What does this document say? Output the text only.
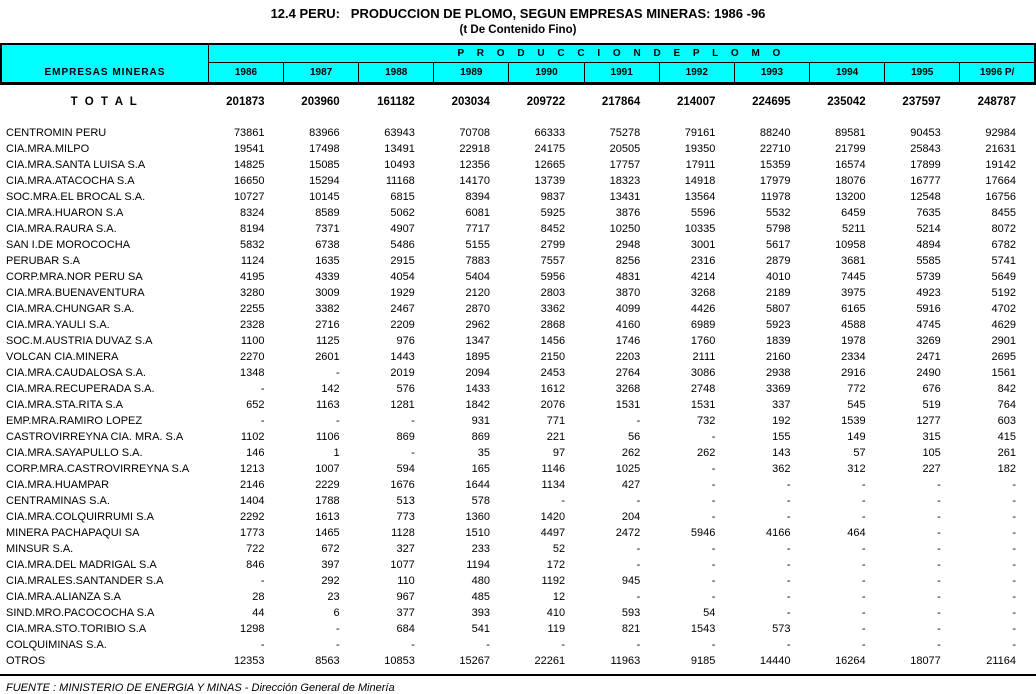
12.4 PERU:   PRODUCCION DE PLOMO, SEGUN EMPRESAS MINERAS: 1986 -96
(t De Contenido Fino)
EMPRESAS MINERAS	P R O D U C C I O N D E P L O M O										
	1986	1987	1988	1989	1990	1991	1992	1993	1994	1995	1996 P/
T O T A L	201873	203960	161182	203034	209722	217864	214007	224695	235042	237597	248787
CENTROMIN PERU	73861	83966	63943	70708	66333	75278	79161	88240	89581	90453	92984
CIA.MRA.MILPO	19541	17498	13491	22918	24175	20505	19350	22710	21799	25843	21631
CIA.MRA.SANTA LUISA S.A	14825	15085	10493	12356	12665	17757	17911	15359	16574	17899	19142
CIA.MRA.ATACOCHA S.A	16650	15294	11168	14170	13739	18323	14918	17979	18076	16777	17664
SOC.MRA.EL BROCAL S.A.	10727	10145	6815	8394	9837	13431	13564	11978	13200	12548	16756
CIA.MRA.HUARON S.A	8324	8589	5062	6081	5925	3876	5596	5532	6459	7635	8455
CIA.MRA.RAURA S.A.	8194	7371	4907	7717	8452	10250	10335	5798	5211	5214	8072
SAN I.DE MOROCOCHA	5832	6738	5486	5155	2799	2948	3001	5617	10958	4894	6782
PERUBAR S.A	1124	1635	2915	7883	7557	8256	2316	2879	3681	5585	5741
CORP.MRA.NOR PERU SA	4195	4339	4054	5404	5956	4831	4214	4010	7445	5739	5649
CIA.MRA.BUENAVENTURA	3280	3009	1929	2120	2803	3870	3268	2189	3975	4923	5192
CIA.MRA.CHUNGAR S.A.	2255	3382	2467	2870	3362	4099	4426	5807	6165	5916	4702
CIA.MRA.YAULI S.A.	2328	2716	2209	2962	2868	4160	6989	5923	4588	4745	4629
SOC.M.AUSTRIA DUVAZ S.A	1100	1125	976	1347	1456	1746	1760	1839	1978	3269	2901
VOLCAN CIA.MINERA	2270	2601	1443	1895	2150	2203	2111	2160	2334	2471	2695
CIA.MRA.CAUDALOSA S.A.	1348	-	2019	2094	2453	2764	3086	2938	2916	2490	1561
CIA.MRA.RECUPERADA S.A.	-	142	576	1433	1612	3268	2748	3369	772	676	842
CIA.MRA.STA.RITA S.A	652	1163	1281	1842	2076	1531	1531	337	545	519	764
EMP.MRA.RAMIRO LOPEZ	-	-	-	931	771	-	732	192	1539	1277	603
CASTROVIRREYNA CIA. MRA. S.A	1102	1106	869	869	221	56	-	155	149	315	415
CIA.MRA.SAYAPULLO S.A.	146	1	-	35	97	262	262	143	57	105	261
CORP.MRA.CASTROVIRREYNA S.A	1213	1007	594	165	1146	1025	-	362	312	227	182
CIA.MRA.HUAMPAR	2146	2229	1676	1644	1134	427	-	-	-	-	-
CENTRAMINAS S.A.	1404	1788	513	578	-	-	-	-	-	-	-
CIA.MRA.COLQUIRRUMI S.A	2292	1613	773	1360	1420	204	-	-	-	-	-
MINERA PACHAPAQUI SA	1773	1465	1128	1510	4497	2472	5946	4166	464	-	-
MINSUR S.A.	722	672	327	233	52	-	-	-	-	-	-
CIA.MRA.DEL MADRIGAL S.A	846	397	1077	1194	172	-	-	-	-	-	-
CIA.MRALES.SANTANDER S.A	-	292	110	480	1192	945	-	-	-	-	-
CIA.MRA.ALIANZA S.A	28	23	967	485	12	-	-	-	-	-	-
SIND.MRO.PACOCOCHA S.A	44	6	377	393	410	593	54	-	-	-	-
CIA.MRA.STO.TORIBIO S.A	1298	-	684	541	119	821	1543	573	-	-	-
COLQUIMINAS S.A.	-	-	-	-	-	-	-	-	-	-	-
OTROS	12353	8563	10853	15267	22261	11963	9185	14440	16264	18077	21164
FUENTE : MINISTERIO DE ENERGIA Y MINAS - Dirección General de Minería
